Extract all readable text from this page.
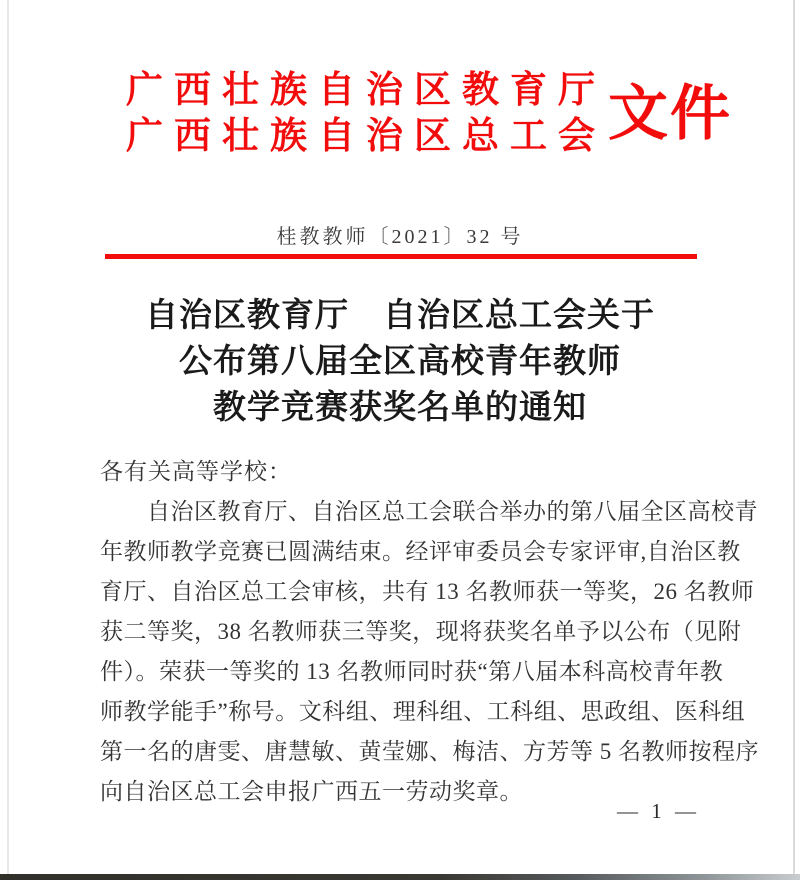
广西壮族自治区教育厅
广西壮族自治区总工会 文件
桂教教师〔2021〕32 号
自治区教育厅　自治区总工会关于
公布第八届全区高校青年教师
教学竞赛获奖名单的通知
各有关高等学校：
自治区教育厅、自治区总工会联合举办的第八届全区高校青
年教师教学竞赛已圆满结束。经评审委员会专家评审,自治区教
育厅、自治区总工会审核，共有 13 名教师获一等奖，26 名教师
获二等奖，38 名教师获三等奖，现将获奖名单予以公布（见附
件）。荣获一等奖的 13 名教师同时获“第八届本科高校青年教
师教学能手”称号。文科组、理科组、工科组、思政组、医科组
第一名的唐雯、唐慧敏、黄莹娜、梅洁、方芳等 5 名教师按程序
向自治区总工会申报广西五一劳动奖章。
— 1 —
